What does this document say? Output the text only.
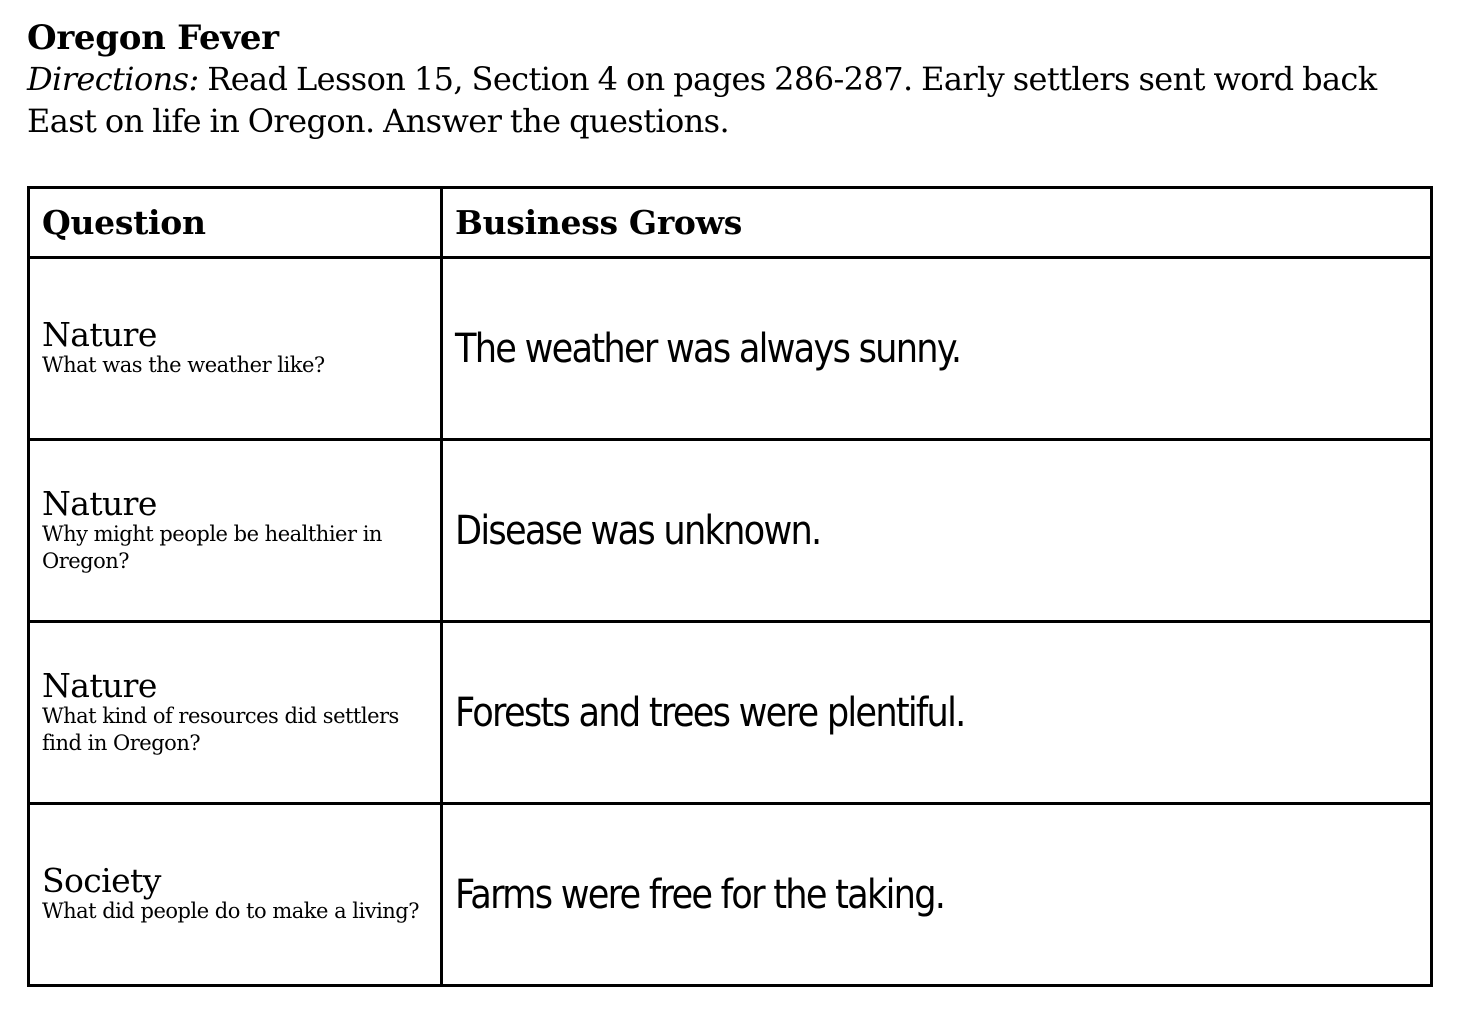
Oregon Fever

Directions: Read Lesson 15, Section 4 on pages 286-287. Early settlers sent word back East on life in Oregon. Answer the questions.

Question	Business Grows

Nature
What was the weather like?	The weather was always sunny.

Nature
Why might people be healthier in Oregon?	Disease was unknown.

Nature
What kind of resources did settlers find in Oregon?	Forests and trees were plentiful.

Society
What did people do to make a living?	Farms were free for the taking.
